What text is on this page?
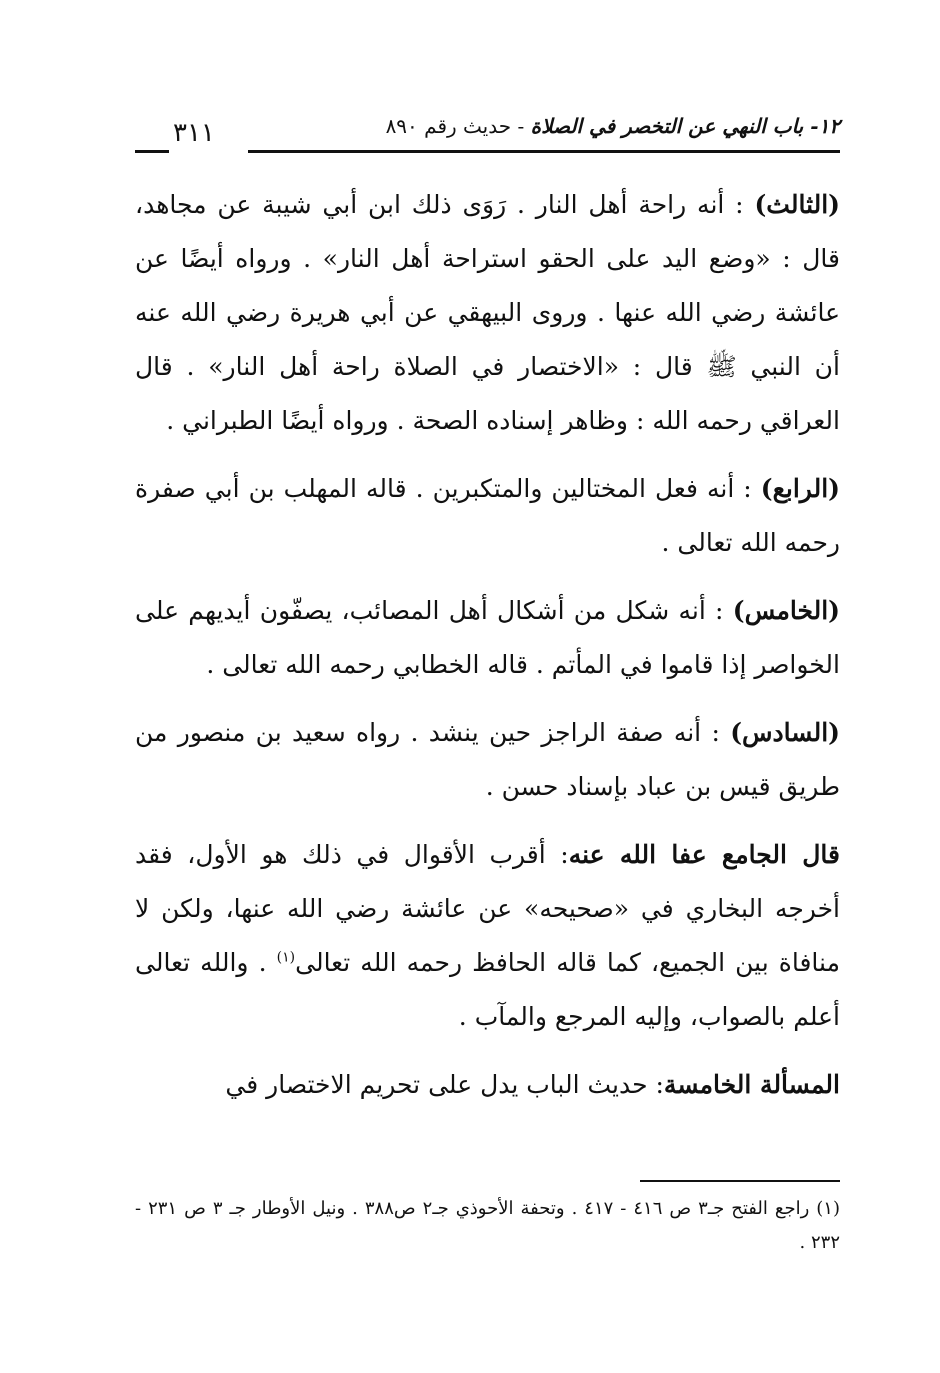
١٢- باب النهي عن التخصر في الصلاة - حديث رقم ٨٩٠
٣١١

(الثالث) : أنه راحة أهل النار . رَوَى ذلك ابن أبي شيبة عن مجاهد، قال : «وضع اليد على الحقو استراحة أهل النار» . ورواه أيضًا عن عائشة رضي الله عنها . وروى البيهقي عن أبي هريرة رضي الله عنه أن النبي ﷺ قال : «الاختصار في الصلاة راحة أهل النار» . قال العراقي رحمه الله : وظاهر إسناده الصحة . ورواه أيضًا الطبراني .

(الرابع) : أنه فعل المختالين والمتكبرين . قاله المهلب بن أبي صفرة رحمه الله تعالى .

(الخامس) : أنه شكل من أشكال أهل المصائب، يصفّون أيديهم على الخواصر إذا قاموا في المأتم . قاله الخطابي رحمه الله تعالى .

(السادس) : أنه صفة الراجز حين ينشد . رواه سعيد بن منصور من طريق قيس بن عباد بإسناد حسن .

قال الجامع عفا الله عنه: أقرب الأقوال في ذلك هو الأول، فقد أخرجه البخاري في «صحيحه» عن عائشة رضي الله عنها، ولكن لا منافاة بين الجميع، كما قاله الحافظ رحمه الله تعالى$^{(١)}$ . والله تعالى أعلم بالصواب، وإليه المرجع والمآب .

المسألة الخامسة: حديث الباب يدل على تحريم الاختصار في

(١) راجع الفتح جـ٣ ص ٤١٦ - ٤١٧ . وتحفة الأحوذي جـ٢ ص٣٨٨ . ونيل الأوطار جـ ٣ ص ٢٣١ - ٢٣٢ .
